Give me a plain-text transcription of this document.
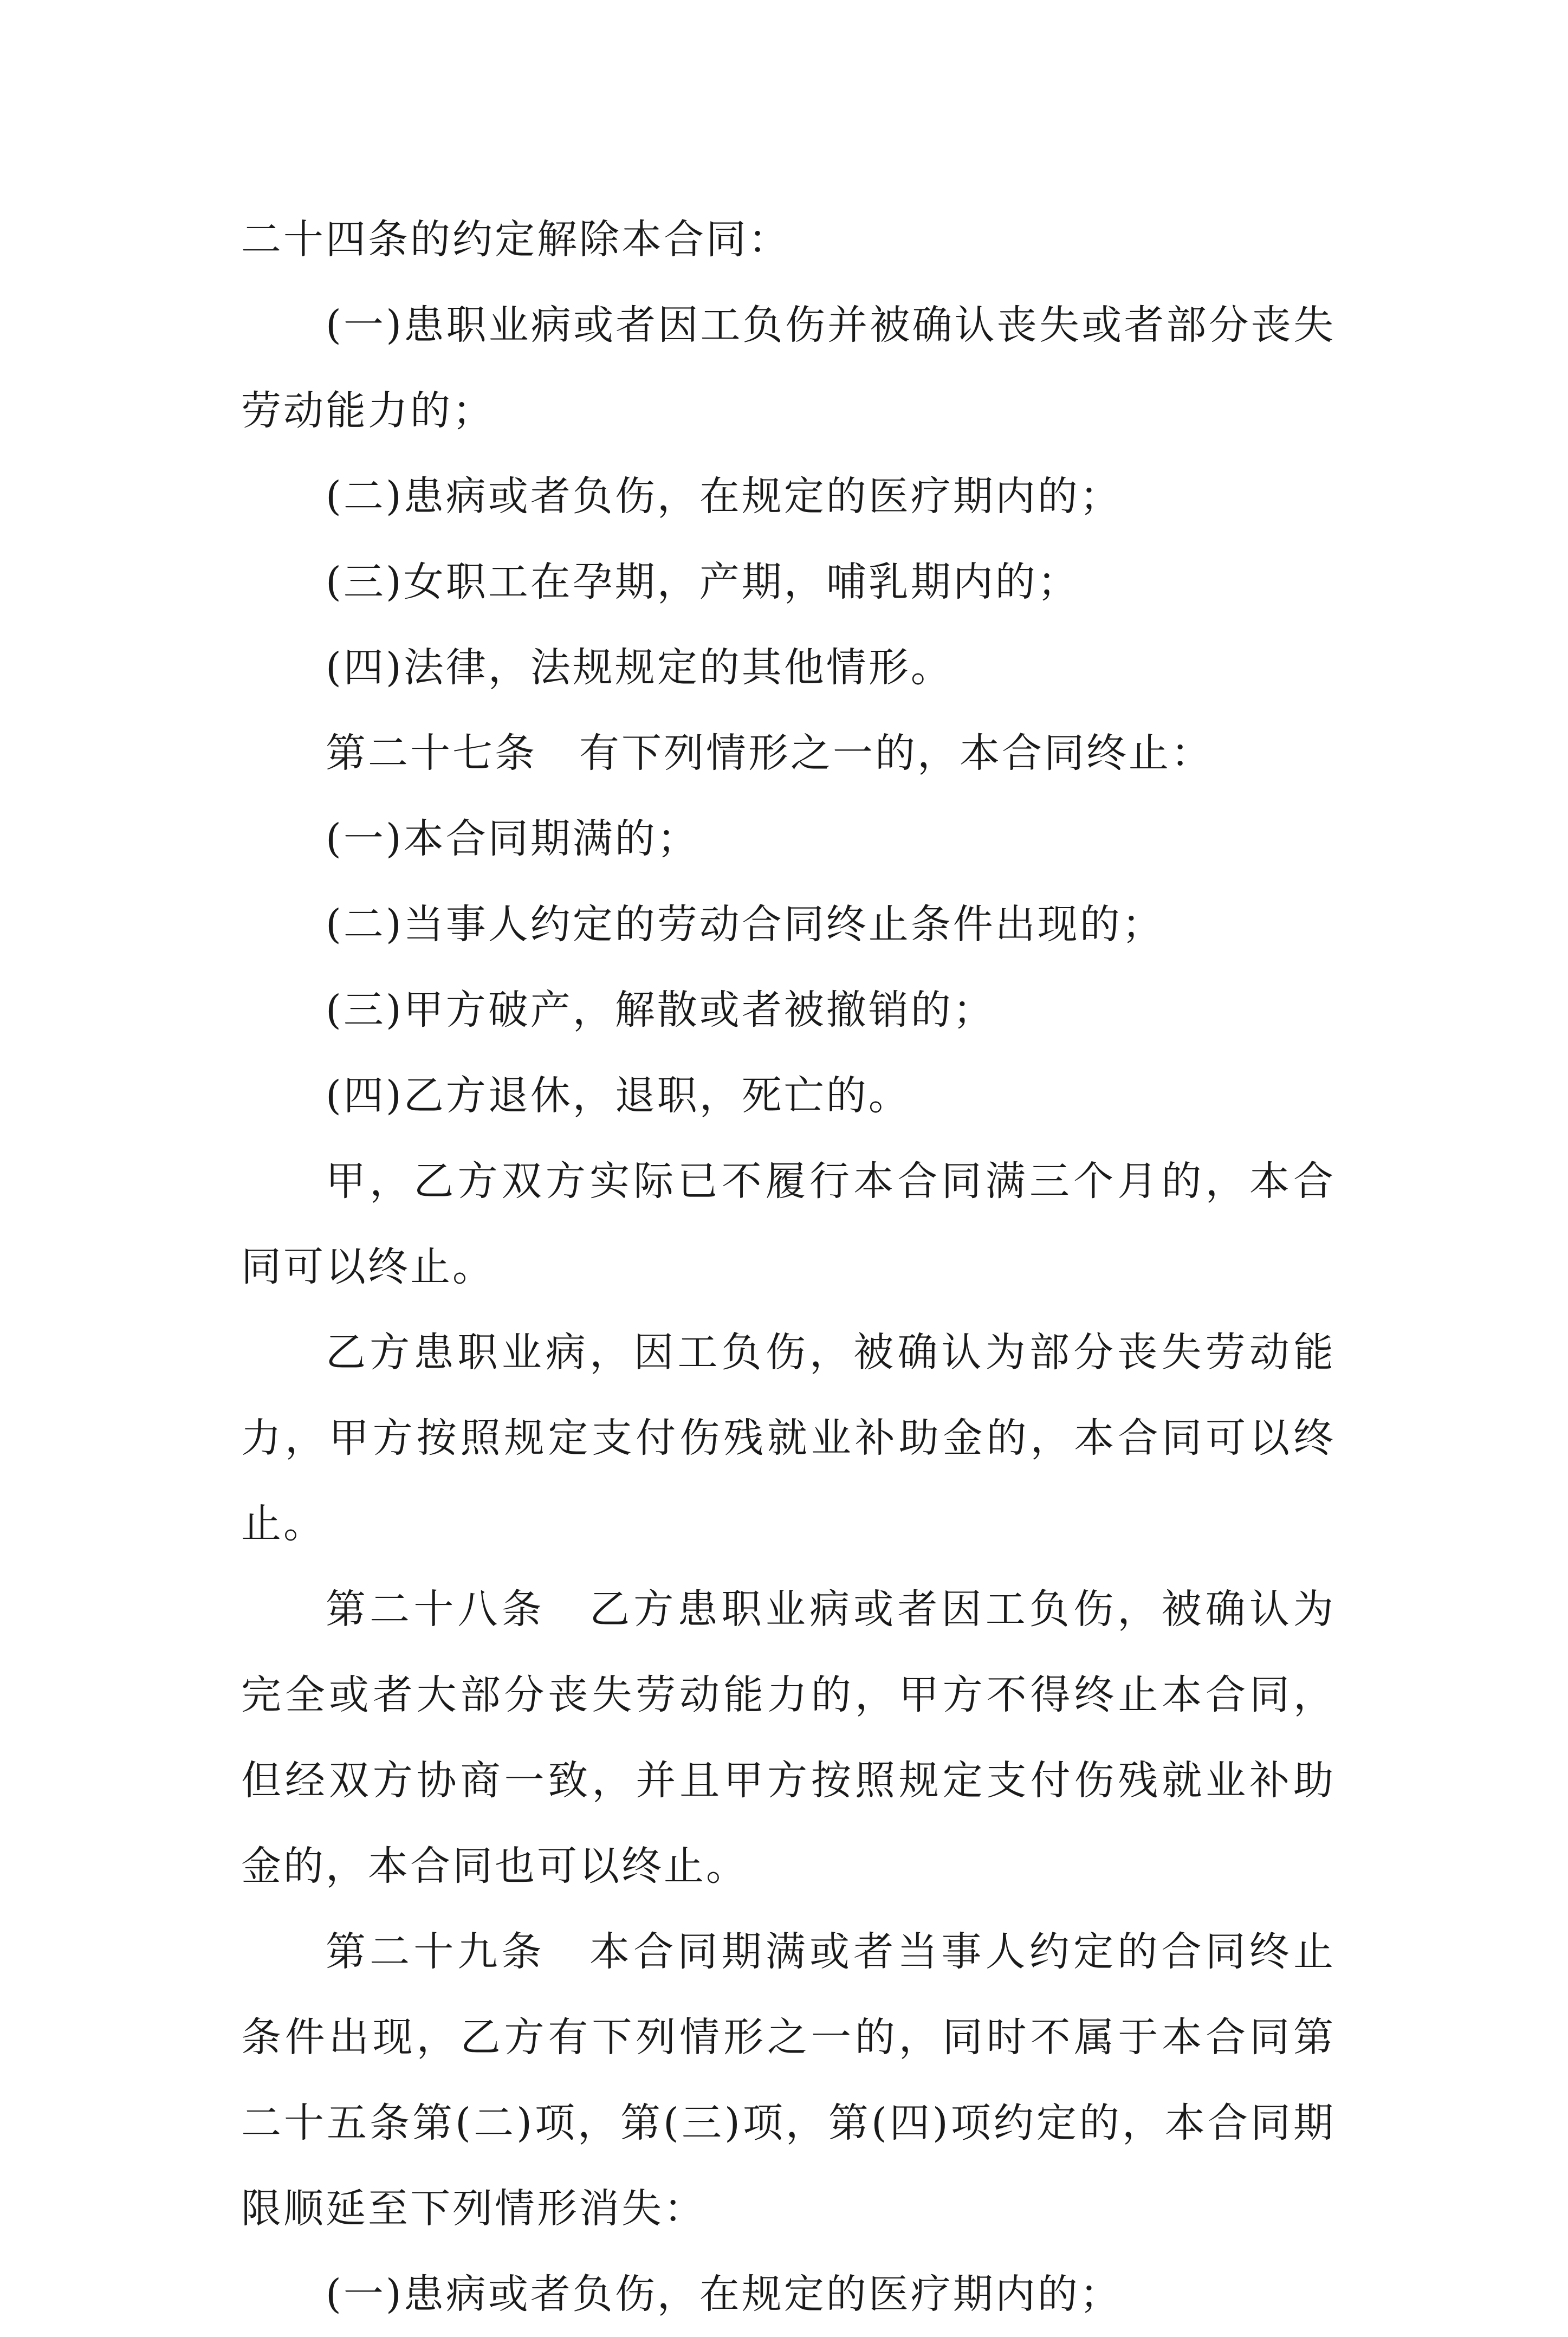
二十四条的约定解除本合同：

(一)患职业病或者因工负伤并被确认丧失或者部分丧失劳动能力的；

(二)患病或者负伤，在规定的医疗期内的；

(三)女职工在孕期，产期，哺乳期内的；

(四)法律，法规规定的其他情形。

第二十七条　有下列情形之一的，本合同终止：

(一)本合同期满的；

(二)当事人约定的劳动合同终止条件出现的；

(三)甲方破产，解散或者被撤销的；

(四)乙方退休，退职，死亡的。

甲，乙方双方实际已不履行本合同满三个月的，本合同可以终止。

乙方患职业病，因工负伤，被确认为部分丧失劳动能力，甲方按照规定支付伤残就业补助金的，本合同可以终止。

第二十八条　乙方患职业病或者因工负伤，被确认为完全或者大部分丧失劳动能力的，甲方不得终止本合同，但经双方协商一致，并且甲方按照规定支付伤残就业补助金的，本合同也可以终止。

第二十九条　本合同期满或者当事人约定的合同终止条件出现，乙方有下列情形之一的，同时不属于本合同第二十五条第(二)项，第(三)项，第(四)项约定的，本合同期限顺延至下列情形消失：

(一)患病或者负伤，在规定的医疗期内的；
